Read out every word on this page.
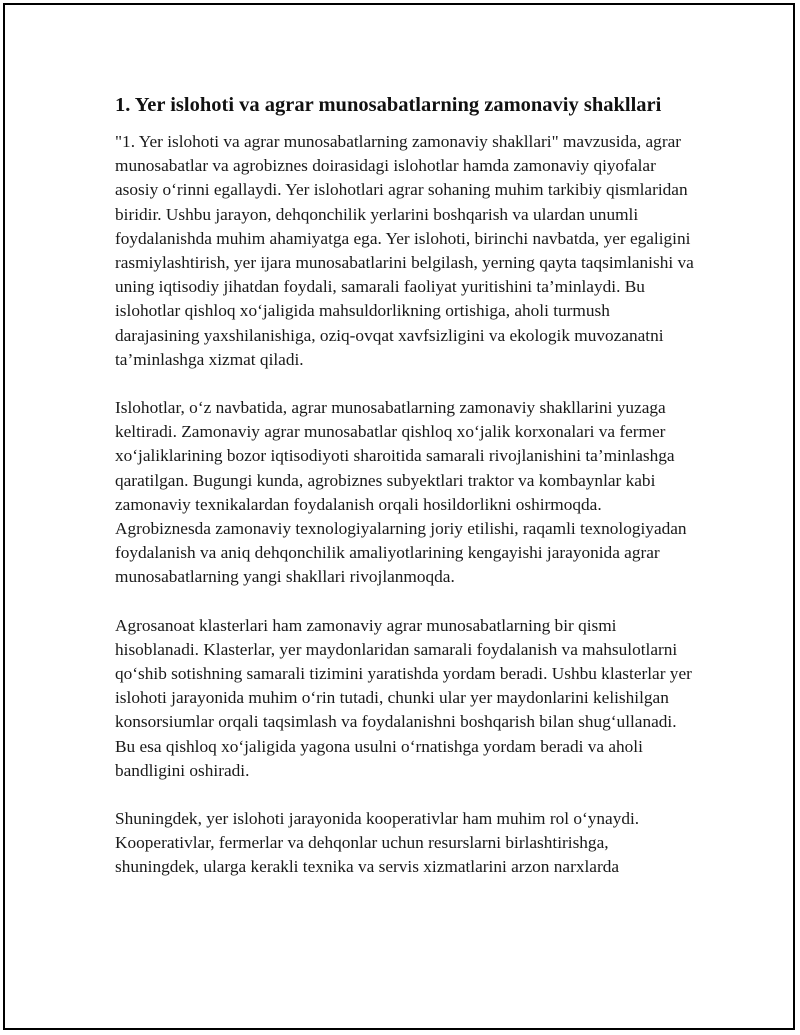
1. Yer islohoti va agrar munosabatlarning zamonaviy shakllari

"1. Yer islohoti va agrar munosabatlarning zamonaviy shakllari" mavzusida, agrar munosabatlar va agrobiznes doirasidagi islohotlar hamda zamonaviy qiyofalar asosiy oʻrinni egallaydi. Yer islohotlari agrar sohaning muhim tarkibiy qismlaridan biridir. Ushbu jarayon, dehqonchilik yerlarini boshqarish va ulardan unumli foydalanishda muhim ahamiyatga ega. Yer islohoti, birinchi navbatda, yer egaligini rasmiylashtirish, yer ijara munosabatlarini belgilash, yerning qayta taqsimlanishi va uning iqtisodiy jihatdan foydali, samarali faoliyat yuritishini ta’minlaydi. Bu islohotlar qishloq xoʻjaligida mahsuldorlikning ortishiga, aholi turmush darajasining yaxshilanishiga, oziq-ovqat xavfsizligini va ekologik muvozanatni ta’minlashga xizmat qiladi.

Islohotlar, oʻz navbatida, agrar munosabatlarning zamonaviy shakllarini yuzaga keltiradi. Zamonaviy agrar munosabatlar qishloq xoʻjalik korxonalari va fermer xoʻjaliklarining bozor iqtisodiyoti sharoitida samarali rivojlanishini ta’minlashga qaratilgan. Bugungi kunda, agrobiznes subyektlari traktor va kombaynlar kabi zamonaviy texnikalardan foydalanish orqali hosildorlikni oshirmoqda. Agrobiznesda zamonaviy texnologiyalarning joriy etilishi, raqamli texnologiyadan foydalanish va aniq dehqonchilik amaliyotlarining kengayishi jarayonida agrar munosabatlarning yangi shakllari rivojlanmoqda.

Agrosanoat klasterlari ham zamonaviy agrar munosabatlarning bir qismi hisoblanadi. Klasterlar, yer maydonlaridan samarali foydalanish va mahsulotlarni qoʻshib sotishning samarali tizimini yaratishda yordam beradi. Ushbu klasterlar yer islohoti jarayonida muhim oʻrin tutadi, chunki ular yer maydonlarini kelishilgan konsorsiumlar orqali taqsimlash va foydalanishni boshqarish bilan shugʻullanadi. Bu esa qishloq xoʻjaligida yagona usulni oʻrnatishga yordam beradi va aholi bandligini oshiradi.

Shuningdek, yer islohoti jarayonida kooperativlar ham muhim rol oʻynaydi. Kooperativlar, fermerlar va dehqonlar uchun resurslarni birlashtirishga, shuningdek, ularga kerakli texnika va servis xizmatlarini arzon narxlarda
